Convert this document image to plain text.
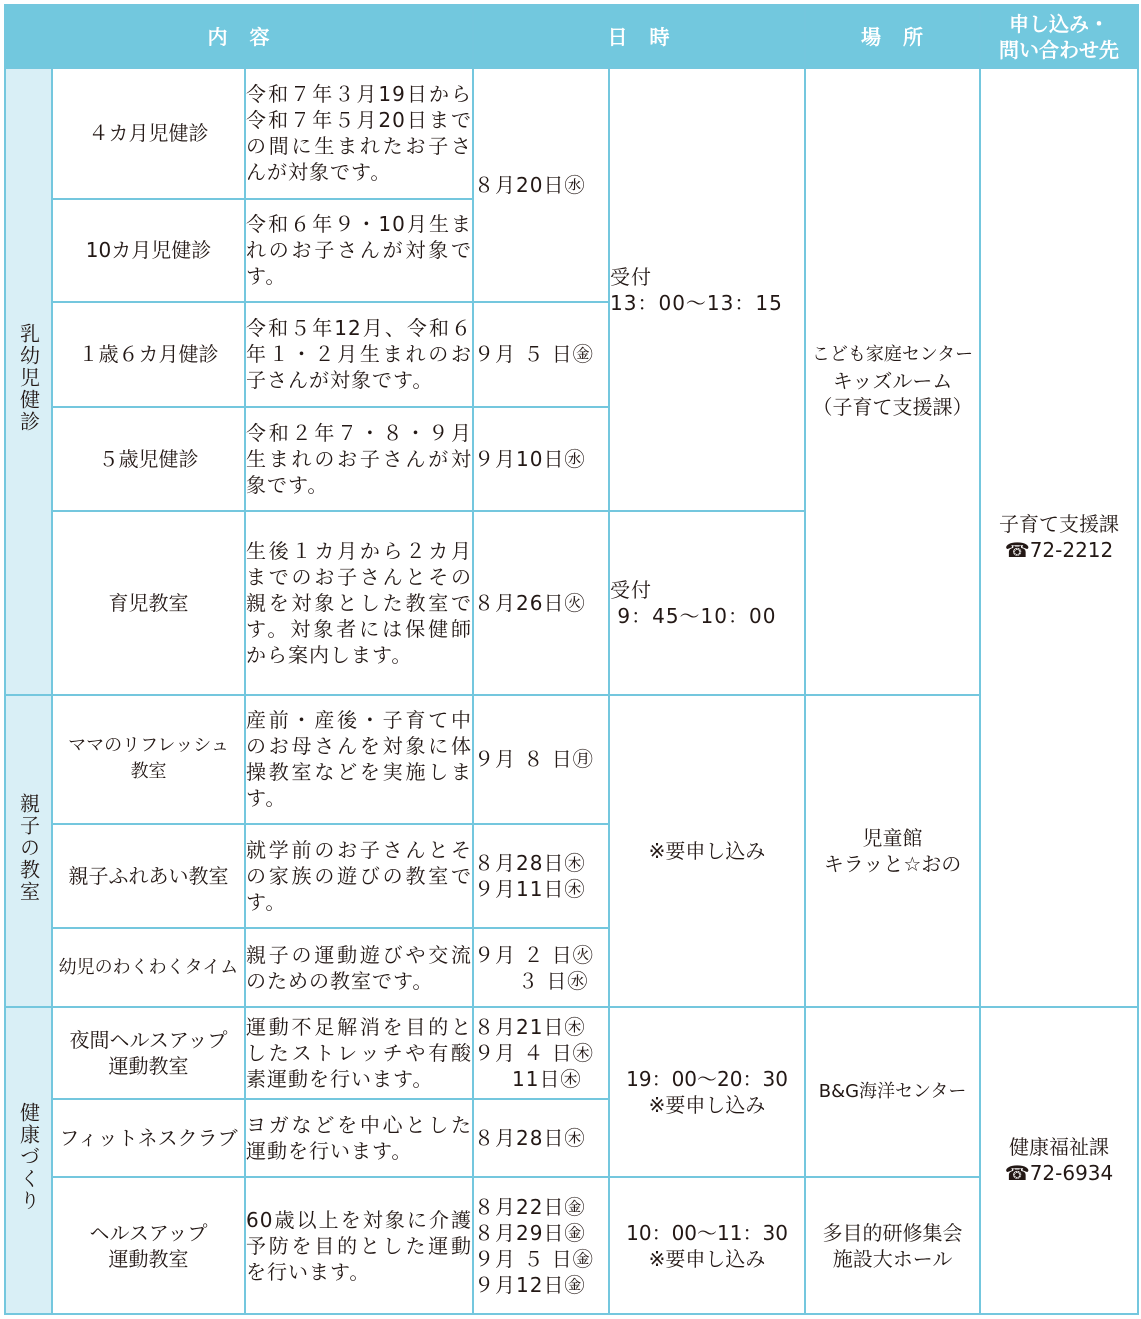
内　容			日　時		場　所	申し込み・
問い合わせ先

乳幼児健診	４カ月児健診	令和７年３月19日から令和７年５月20日までの間に生まれたお子さんが対象です。	８月20日㊌	受付
13：00～13：15	こども家庭センター
キッズルーム
（子育て支援課）	子育て支援課
☎72-2212

	10カ月児健診	令和６年９・10月生まれのお子さんが対象です。				
	１歳６カ月健診	令和５年12月、令和６年１・２月生まれのお子さんが対象です。	９月 ５ 日㊎			
	５歳児健診	令和２年７・８・９月生まれのお子さんが対象です。	９月10日㊌			
	育児教室	生後１カ月から２カ月までのお子さんとその親を対象とした教室です。対象者には保健師から案内します。	８月26日㊋	受付
9：45～10：00		

親子の教室	ママのリフレッシュ
教室	産前・産後・子育て中のお母さんを対象に体操教室などを実施します。	９月 ８ 日㊊	※要申し込み	児童館
キラッと☆おの	

	親子ふれあい教室	就学前のお子さんとその家族の遊びの教室です。	８月28日㊍
９月11日㊍			

	幼児のわくわくタイム	親子の運動遊びや交流のための教室です。	９月 ２ 日㊋
３ 日㊌			

健康づくり	夜間ヘルスアップ
運動教室	運動不足解消を目的としたストレッチや有酸素運動を行います。	８月21日㊍
９月 ４ 日㊍
11日㊍	19：00～20：30
※要申し込み	B&G海洋センター	健康福祉課
☎72-6934

	フィットネスクラブ	ヨガなどを中心とした運動を行います。	８月28日㊍			

	ヘルスアップ
運動教室	60歳以上を対象に介護予防を目的とした運動を行います。	８月22日㊎
８月29日㊎
９月 ５ 日㊎
９月12日㊎	10：00～11：30
※要申し込み	多目的研修集会
施設大ホール	
